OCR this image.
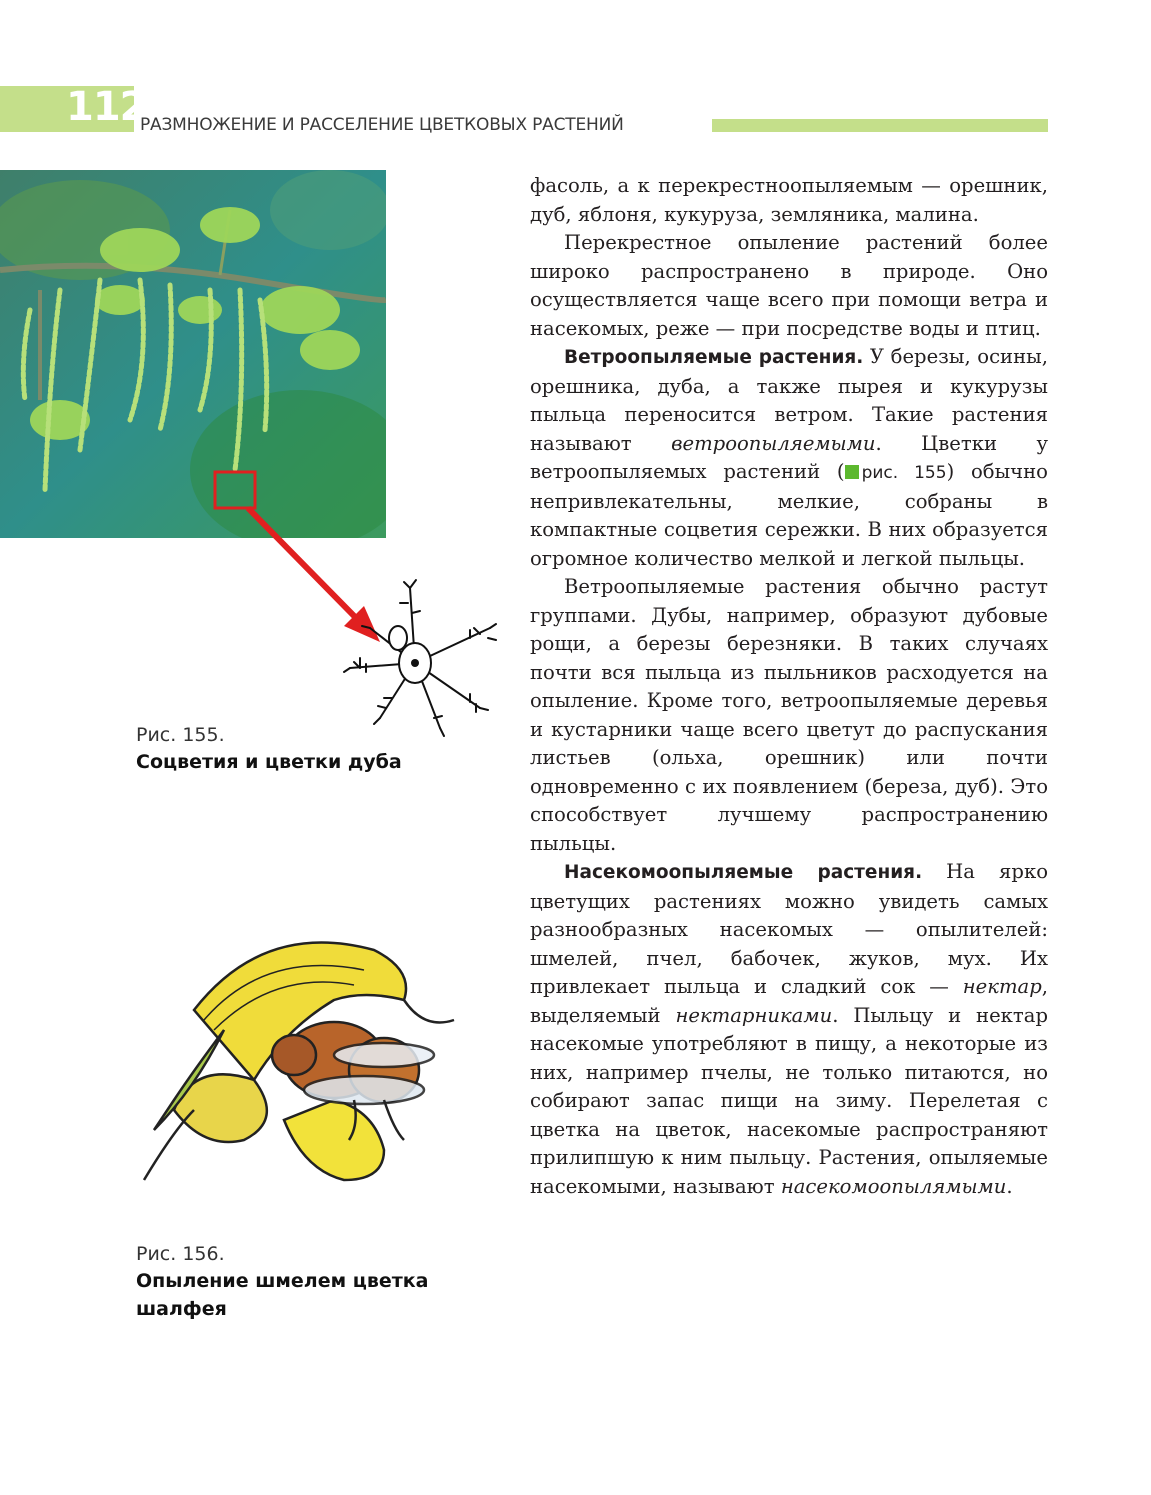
112
РАЗМНОЖЕНИЕ И РАССЕЛЕНИЕ ЦВЕТКОВЫХ РАСТЕНИЙ
Рис. 155.
Соцветия и цветки дуба
Рис. 156.
Опыление шмелем цветка шалфея

фасоль, а к перекрестноопыляемым — орешник, дуб, яблоня, кукуруза, земляника, малина.

Перекрестное опыление растений более широко распространено в природе. Оно осуществляется чаще всего при помощи ветра и насекомых, реже — при посредстве воды и птиц.

Ветроопыляемые растения. У березы, осины, орешника, дуба, а также пырея и кукурузы пыльца переносится ветром. Такие растения называют ветроопыляемыми. Цветки у ветроопыляемых растений ( рис. 155) обычно непривлекательны, мелкие, собраны в компактные соцветия сережки. В них образуется огромное количество мелкой и легкой пыльцы.

Ветроопыляемые растения обычно растут группами. Дубы, например, образуют дубовые рощи, а березы березняки. В таких случаях почти вся пыльца из пыльников расходуется на опыление. Кроме того, ветроопыляемые деревья и кустарники чаще всего цветут до распускания листьев (ольха, орешник) или почти одновременно с их появлением (береза, дуб). Это способствует лучшему распространению пыльцы.

Насекомоопыляемые растения. На ярко цветущих растениях можно увидеть самых разнообразных насекомых — опылителей: шмелей, пчел, бабочек, жуков, мух. Их привлекает пыльца и сладкий сок — нектар, выделяемый нектарниками. Пыльцу и нектар насекомые употребляют в пищу, а некоторые из них, например пчелы, не только питаются, но собирают запас пищи на зиму. Перелетая с цветка на цветок, насекомые распространяют прилипшую к ним пыльцу. Растения, опыляемые насекомыми, называют насекомоопылямыми.
